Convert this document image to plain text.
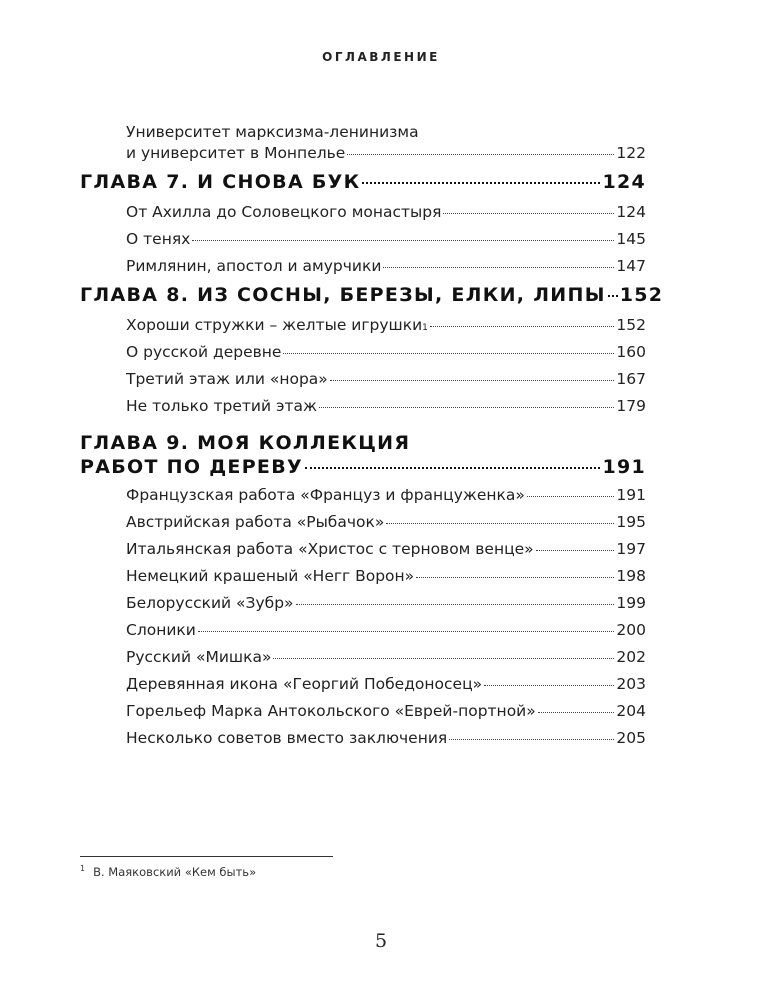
ОГЛАВЛЕНИЕ
Университет марксизма-ленинизма
и университет в Монпелье	122
ГЛАВА 7. И СНОВА БУК	124
От Ахилла до Соловецкого монастыря	124
О тенях	145
Римлянин, апостол и амурчики	147
ГЛАВА 8. ИЗ СОСНЫ, БЕРЕЗЫ, ЕЛКИ, ЛИПЫ 152
Хороши стружки – желтые игрушки 1	152
О русской деревне	160
Третий этаж или «нора»	167
Не только третий этаж	179
ГЛАВА 9. МОЯ КОЛЛЕКЦИЯ
РАБОТ ПО ДЕРЕВУ	191
Французская работа «Француз и француженка»	191
Австрийская работа «Рыбачок»	195
Итальянская работа «Христос с терновом венце»	197
Немецкий крашеный «Негг Ворон»	198
Белорусский «Зубр»	199
Слоники	200
Русский «Мишка»	202
Деревянная икона «Георгий Победоносец»	203
Горельеф Марка Антокольского «Еврей-портной»	204
Несколько советов вместо заключения	205
$^1$ В. Маяковский «Кем быть»
5
